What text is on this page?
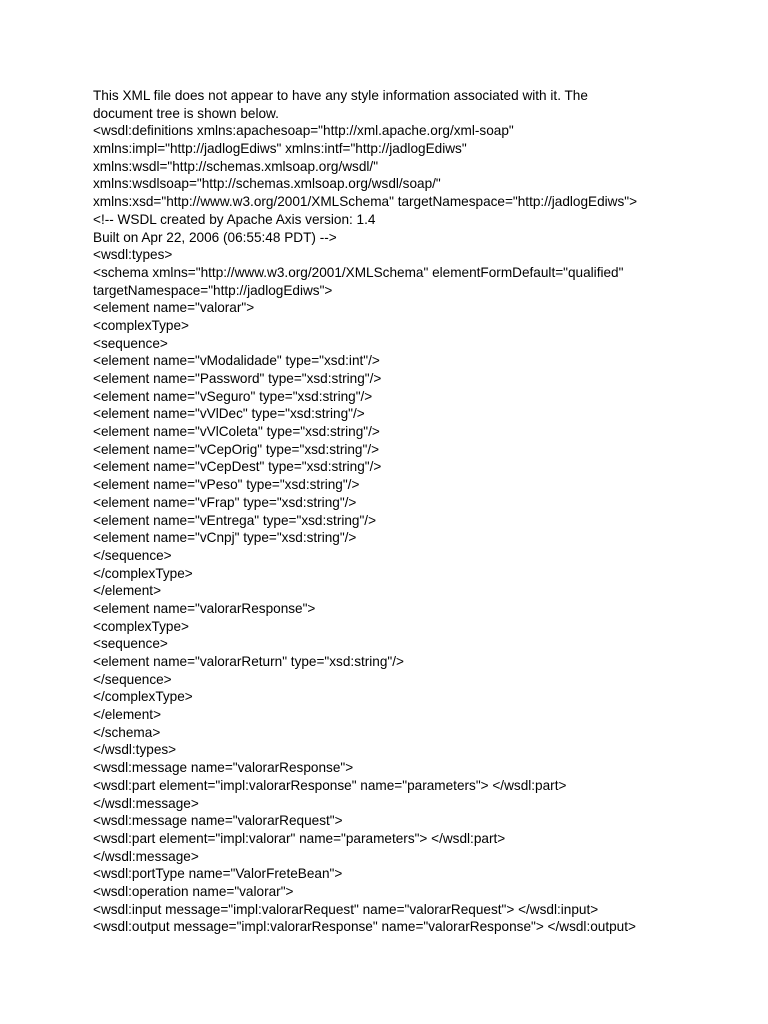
This XML file does not appear to have any style information associated with it. The
document tree is shown below.
<wsdl:definitions xmlns:apachesoap="http://xml.apache.org/xml-soap"
xmlns:impl="http://jadlogEdiws" xmlns:intf="http://jadlogEdiws"
xmlns:wsdl="http://schemas.xmlsoap.org/wsdl/"
xmlns:wsdlsoap="http://schemas.xmlsoap.org/wsdl/soap/"
xmlns:xsd="http://www.w3.org/2001/XMLSchema" targetNamespace="http://jadlogEdiws">
<!-- WSDL created by Apache Axis version: 1.4
Built on Apr 22, 2006 (06:55:48 PDT) -->
<wsdl:types>
<schema xmlns="http://www.w3.org/2001/XMLSchema" elementFormDefault="qualified"
targetNamespace="http://jadlogEdiws">
<element name="valorar">
<complexType>
<sequence>
<element name="vModalidade" type="xsd:int"/>
<element name="Password" type="xsd:string"/>
<element name="vSeguro" type="xsd:string"/>
<element name="vVlDec" type="xsd:string"/>
<element name="vVlColeta" type="xsd:string"/>
<element name="vCepOrig" type="xsd:string"/>
<element name="vCepDest" type="xsd:string"/>
<element name="vPeso" type="xsd:string"/>
<element name="vFrap" type="xsd:string"/>
<element name="vEntrega" type="xsd:string"/>
<element name="vCnpj" type="xsd:string"/>
</sequence>
</complexType>
</element>
<element name="valorarResponse">
<complexType>
<sequence>
<element name="valorarReturn" type="xsd:string"/>
</sequence>
</complexType>
</element>
</schema>
</wsdl:types>
<wsdl:message name="valorarResponse">
<wsdl:part element="impl:valorarResponse" name="parameters"> </wsdl:part>
</wsdl:message>
<wsdl:message name="valorarRequest">
<wsdl:part element="impl:valorar" name="parameters"> </wsdl:part>
</wsdl:message>
<wsdl:portType name="ValorFreteBean">
<wsdl:operation name="valorar">
<wsdl:input message="impl:valorarRequest" name="valorarRequest"> </wsdl:input>
<wsdl:output message="impl:valorarResponse" name="valorarResponse"> </wsdl:output>
